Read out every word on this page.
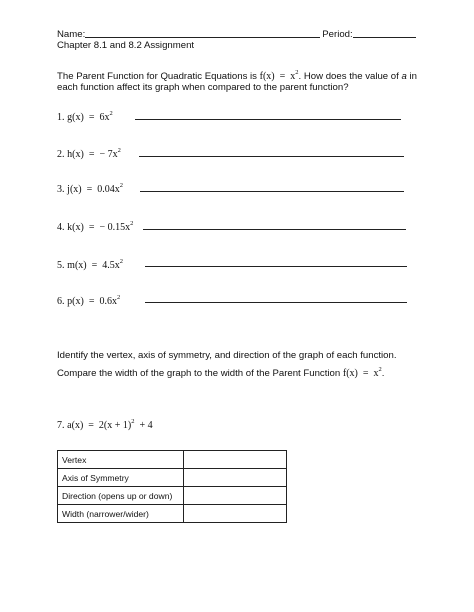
Name:	Period:
Chapter 8.1 and 8.2 Assignment
The Parent Function for Quadratic Equations is $f(x) = x^2$. How does the value of a in
each function affect its graph when compared to the parent function?
1. $g(x) = 6x^2$
2. h(x)  =  − $7x^2$
3. $j(x) = 0.04x^2$
4. k(x)  =  − $0.15x^2$
5. $m(x) = 4.5x^2$
6. $p(x) = 0.6x^2$
Identify the vertex, axis of symmetry, and direction of the graph of each function.
Compare the width of the graph to the width of the Parent Function $f(x) = x^2$.
7. $a(x) = 2(x + 1)^2 + 4$
Vertex	
Axis of Symmetry	
Direction (opens up or down)	
Width (narrower/wider)	
